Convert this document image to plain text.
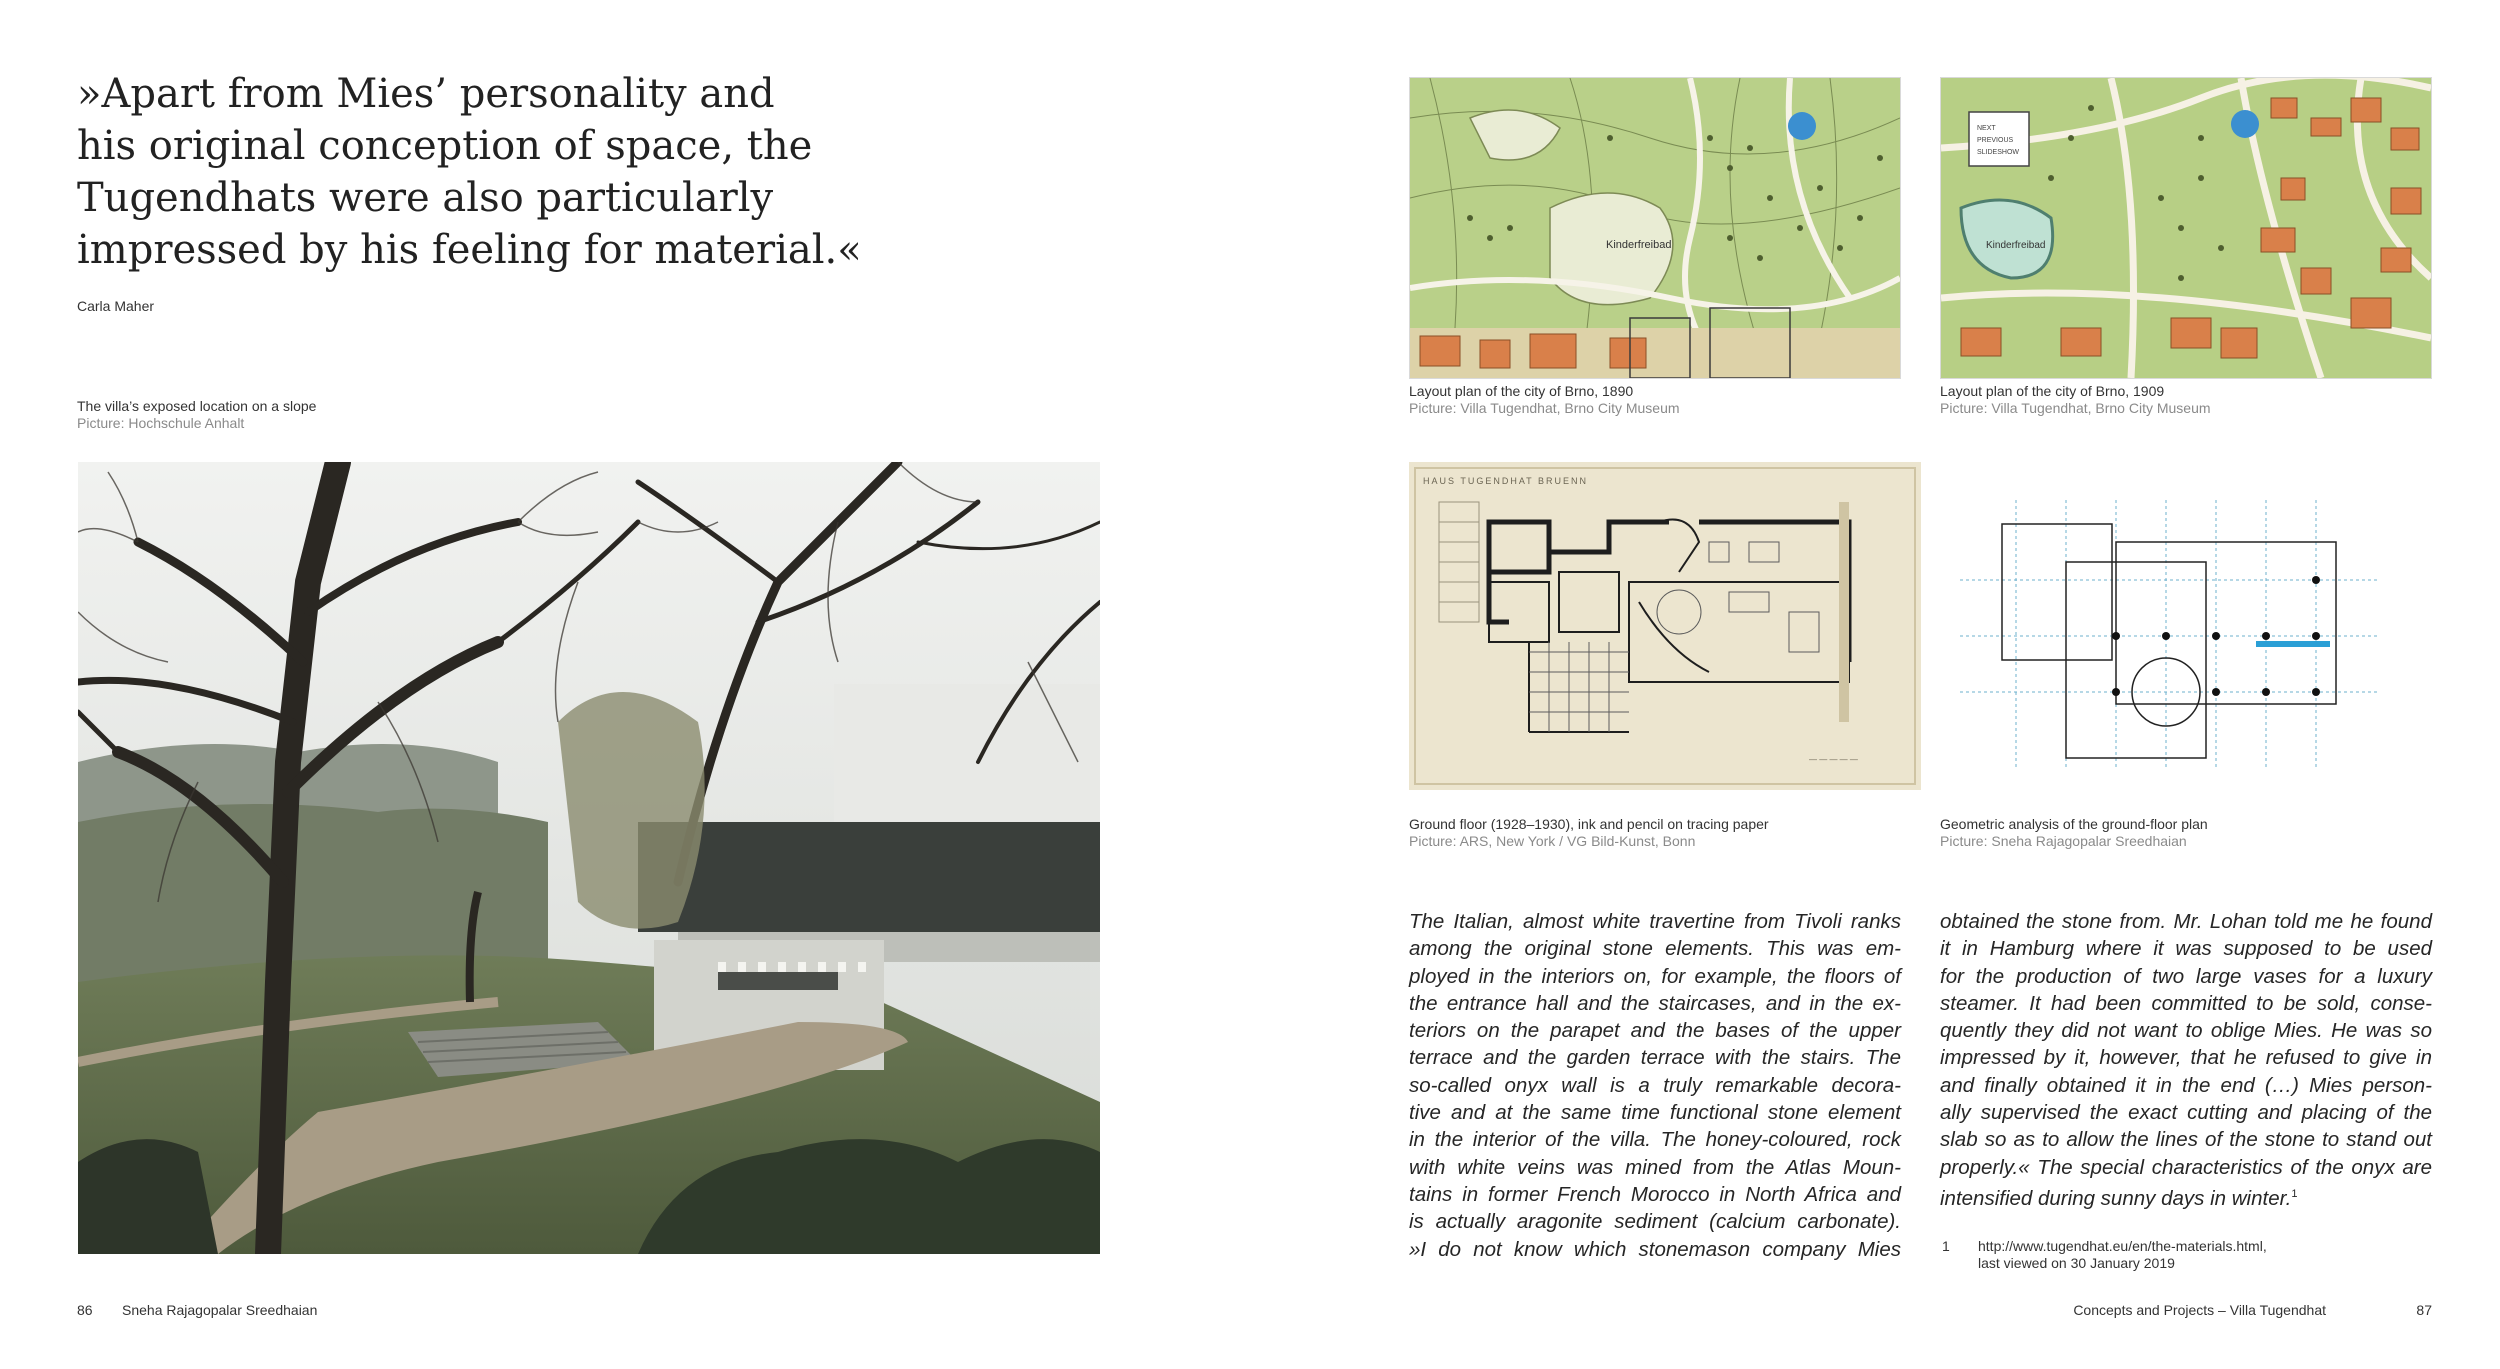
»Apart from Mies’ personality and
his original conception of space, the
Tugendhats were also particularly
impressed by his feeling for material.«
Carla Maher
The villa’s exposed location on a slope
Picture: Hochschule Anhalt
Kinderfreibad
Layout plan of the city of Brno, 1890
Picture: Villa Tugendhat, Brno City Museum
Kinderfreibad
NEXT
PREVIOUS
SLIDESHOW
Layout plan of the city of Brno, 1909
Picture: Villa Tugendhat, Brno City Museum
HAUS TUGENDHAT BRUENN
— — — — —
Ground floor (1928–1930), ink and pencil on tracing paper
Picture: ARS, New York / VG Bild-Kunst, Bonn
Geometric analysis of the ground-floor plan
Picture: Sneha Rajagopalar Sreedhaian
The Italian, almost white travertine from Tivoli ranks
among the original stone elements. This was em-
ployed in the interiors on, for example, the floors of
the entrance hall and the staircases, and in the ex-
teriors on the parapet and the bases of the upper
terrace and the garden terrace with the stairs. The
so-called onyx wall is a truly remarkable decora-
tive and at the same time functional stone element
in the interior of the villa. The honey-coloured, rock
with white veins was mined from the Atlas Moun-
tains in former French Morocco in North Africa and
is actually aragonite sediment (calcium carbonate).
»I do not know which stonemason company Mies
obtained the stone from. Mr. Lohan told me he found
it in Hamburg where it was supposed to be used
for the production of two large vases for a luxury
steamer. It had been committed to be sold, conse-
quently they did not want to oblige Mies. He was so
impressed by it, however, that he refused to give in
and finally obtained it in the end (…) Mies person-
ally supervised the exact cutting and placing of the
slab so as to allow the lines of the stone to stand out
properly.« The special characteristics of the onyx are
intensified during sunny days in winter.$^1$
1 http://www.tugendhat.eu/en/the-materials.html,
last viewed on 30 January 2019
86 Sneha Rajagopalar Sreedhaian	Concepts and Projects – Villa Tugendhat	87
